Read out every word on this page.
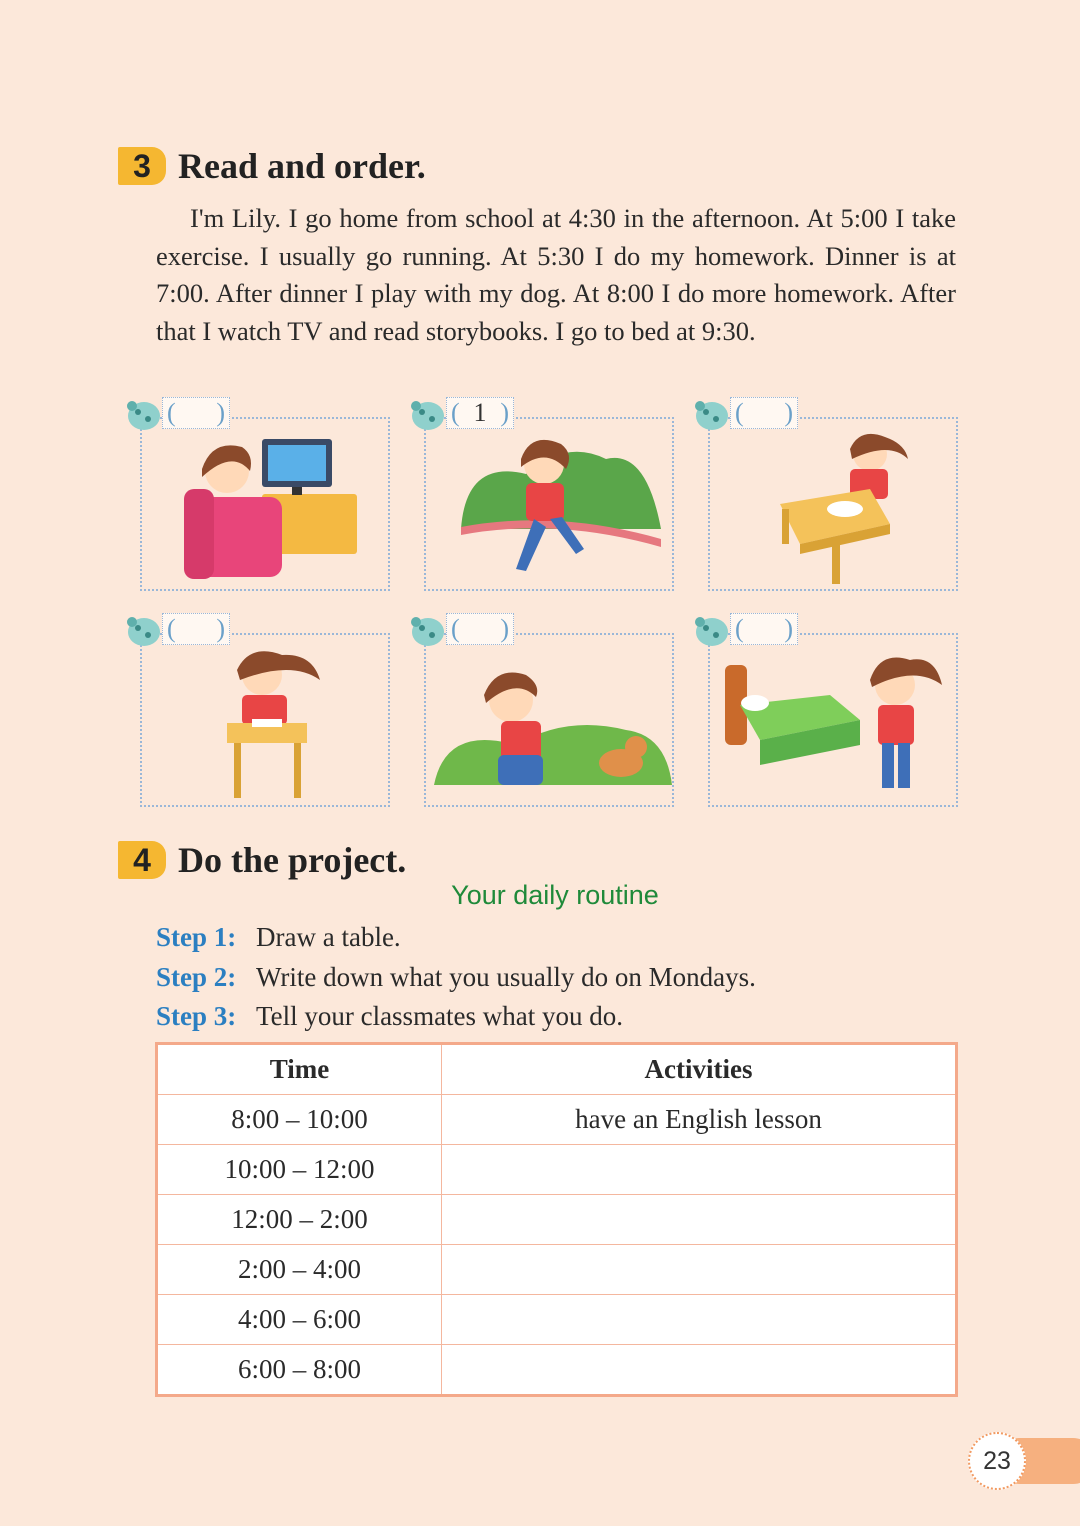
3 Read and order.

I'm Lily. I go home from school at 4:30 in the afternoon. At 5:00 I take exercise. I usually go running. At 5:30 I do my homework. Dinner is at 7:00. After dinner I play with my dog. At 8:00 I do more homework. After that I watch TV and read storybooks. I go to bed at 9:30.

( )	( 1 )	( )
( )	( )	( )
4 Do the project.
Your daily routine
Step 1: Draw a table.
Step 2: Write down what you usually do on Mondays.
Step 3: Tell your classmates what you do.
Time	Activities
8:00 – 10:00	have an English lesson
10:00 – 12:00	
12:00 – 2:00	
2:00 – 4:00	
4:00 – 6:00	
6:00 – 8:00	
23
